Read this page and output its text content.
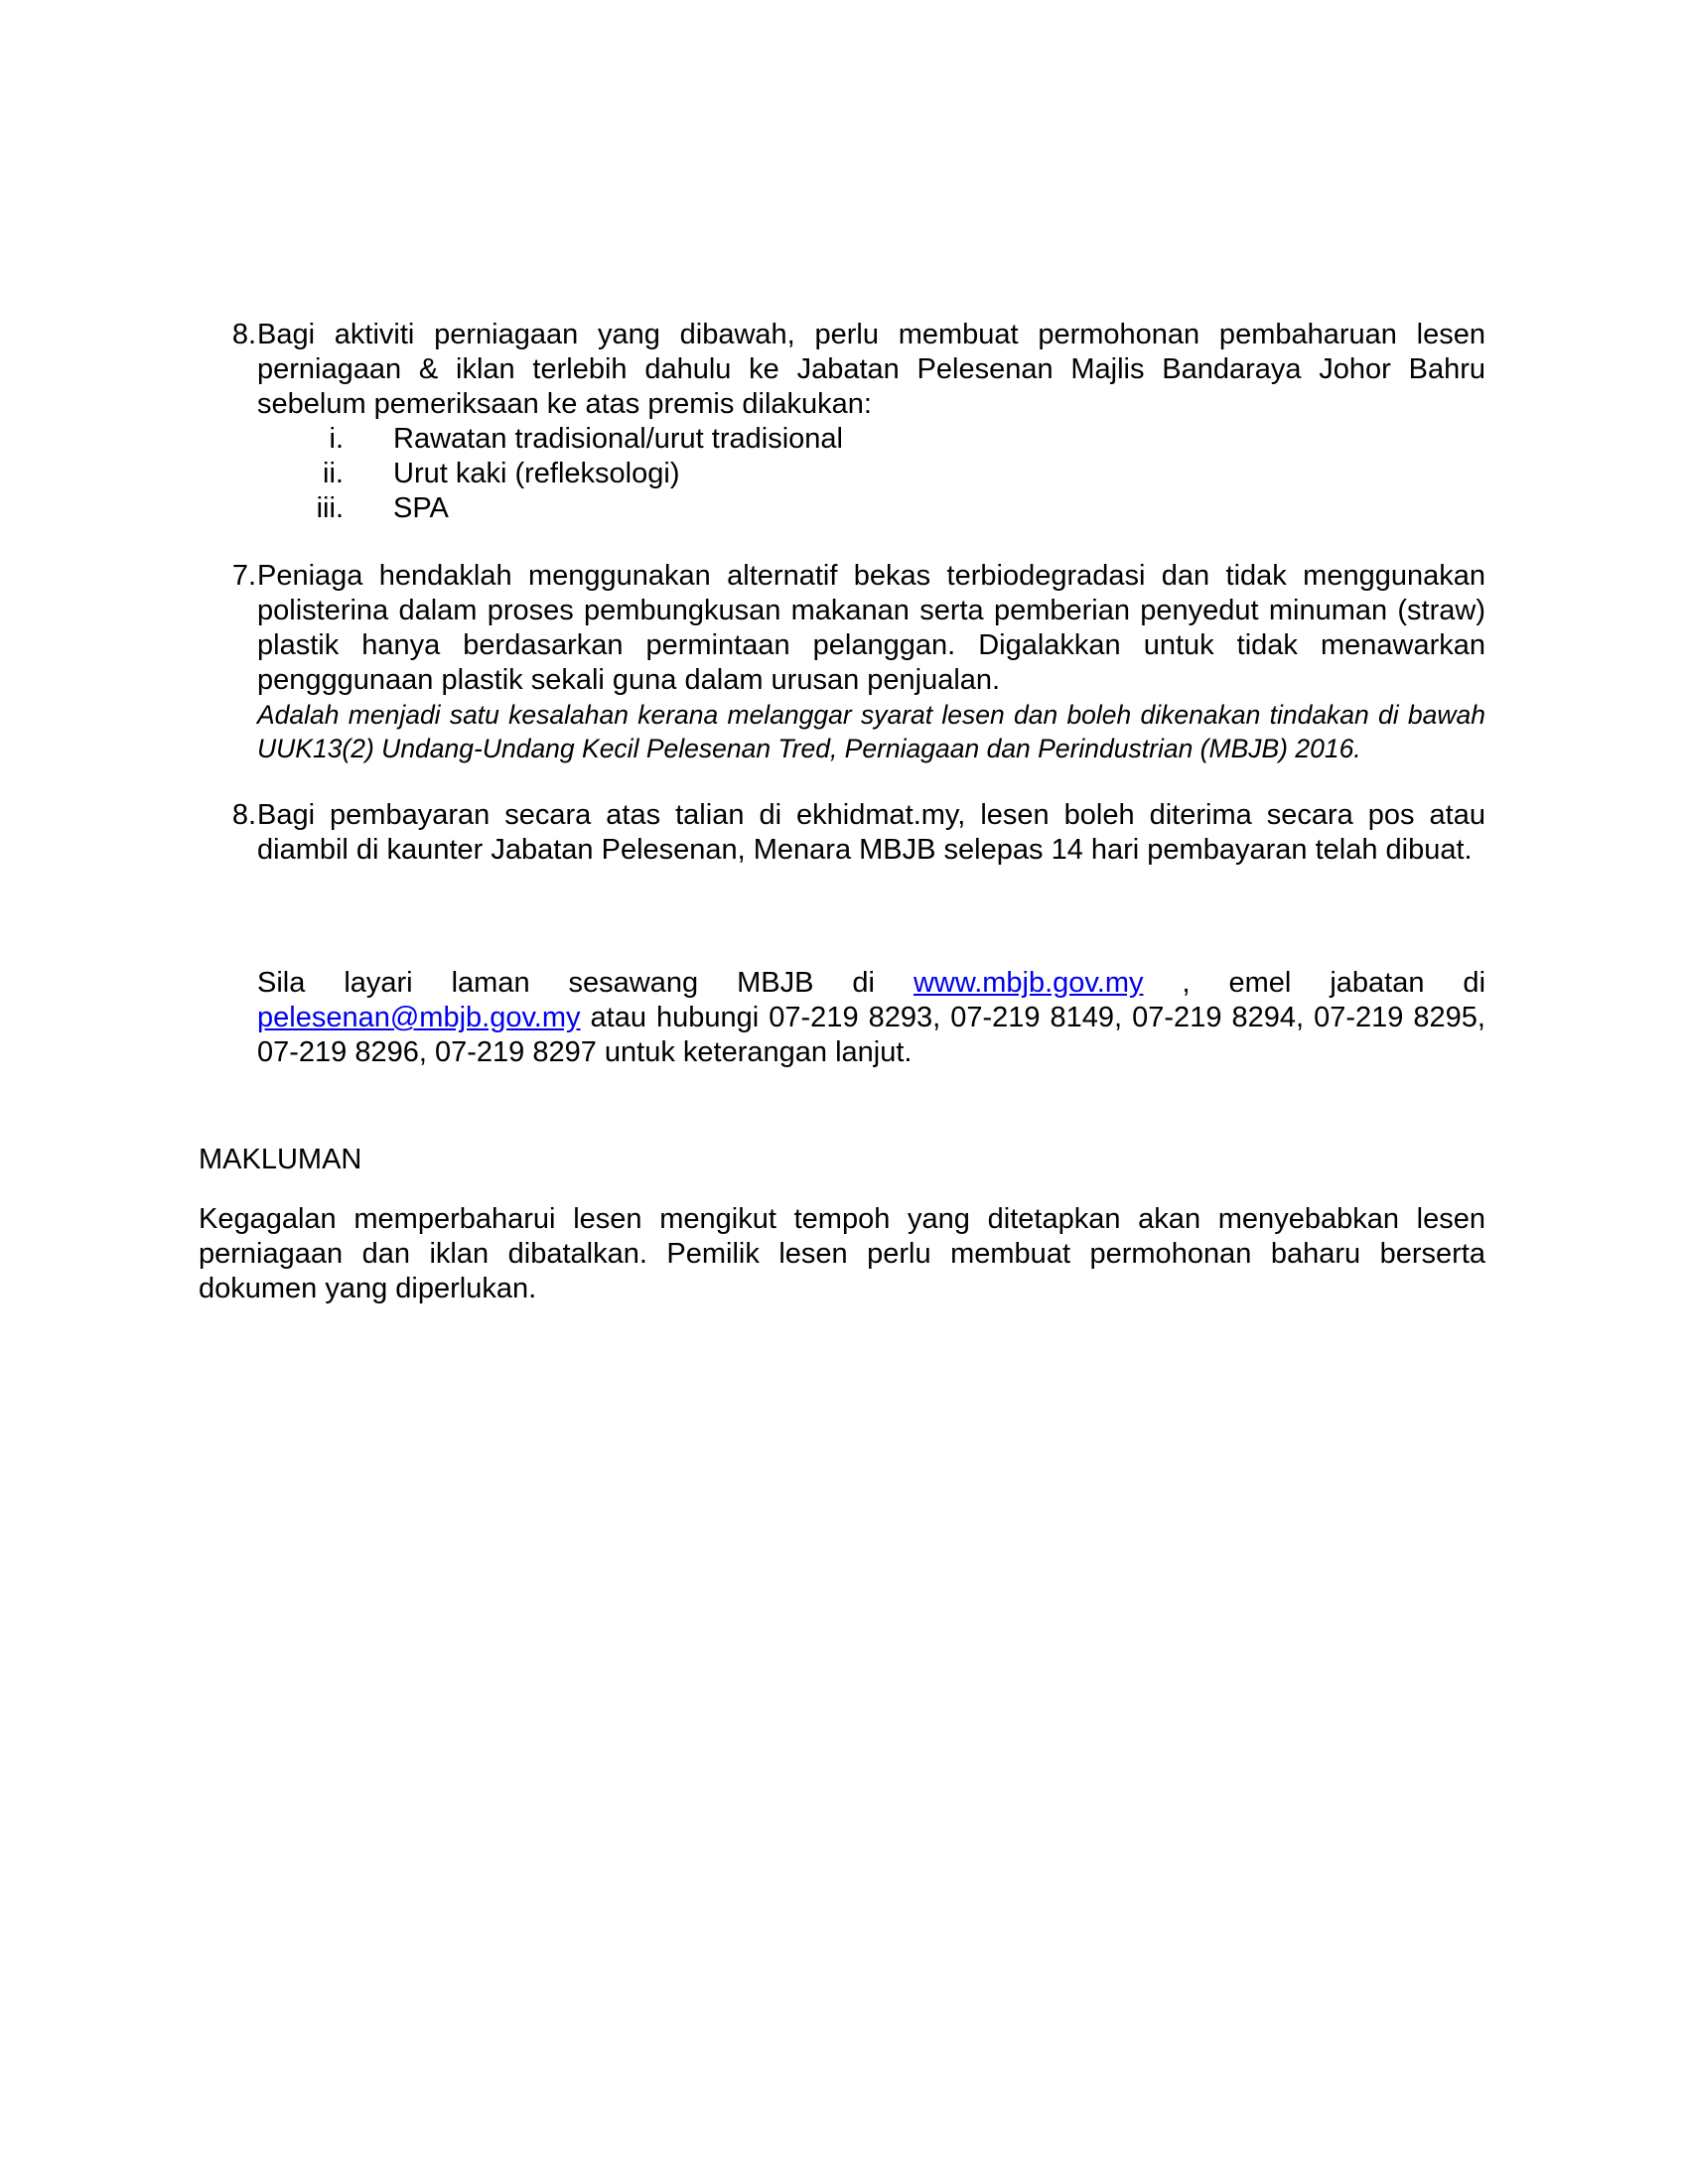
8. Bagi aktiviti perniagaan yang dibawah, perlu membuat permohonan pembaharuan lesen perniagaan & iklan terlebih dahulu ke Jabatan Pelesenan Majlis Bandaraya Johor Bahru sebelum pemeriksaan ke atas premis dilakukan:
i. Rawatan tradisional/urut tradisional
ii. Urut kaki (refleksologi)
iii. SPA
7. Peniaga hendaklah menggunakan alternatif bekas terbiodegradasi dan tidak menggunakan polisterina dalam proses pembungkusan makanan serta pemberian penyedut minuman (straw) plastik hanya berdasarkan permintaan pelanggan. Digalakkan untuk tidak menawarkan pengggunaan plastik sekali guna dalam urusan penjualan.
Adalah menjadi satu kesalahan kerana melanggar syarat lesen dan boleh dikenakan tindakan di bawah UUK13(2) Undang-Undang Kecil Pelesenan Tred, Perniagaan dan Perindustrian (MBJB) 2016.
8. Bagi pembayaran secara atas talian di ekhidmat.my, lesen boleh diterima secara pos atau diambil di kaunter Jabatan Pelesenan, Menara MBJB selepas 14 hari pembayaran telah dibuat.
Sila layari laman sesawang MBJB di www.mbjb.gov.my , emel jabatan di pelesenan@mbjb.gov.my atau hubungi 07-219 8293, 07-219 8149, 07-219 8294, 07-219 8295, 07-219 8296, 07-219 8297 untuk keterangan lanjut.
MAKLUMAN
Kegagalan memperbaharui lesen mengikut tempoh yang ditetapkan akan menyebabkan lesen perniagaan dan iklan dibatalkan. Pemilik lesen perlu membuat permohonan baharu berserta dokumen yang diperlukan.
